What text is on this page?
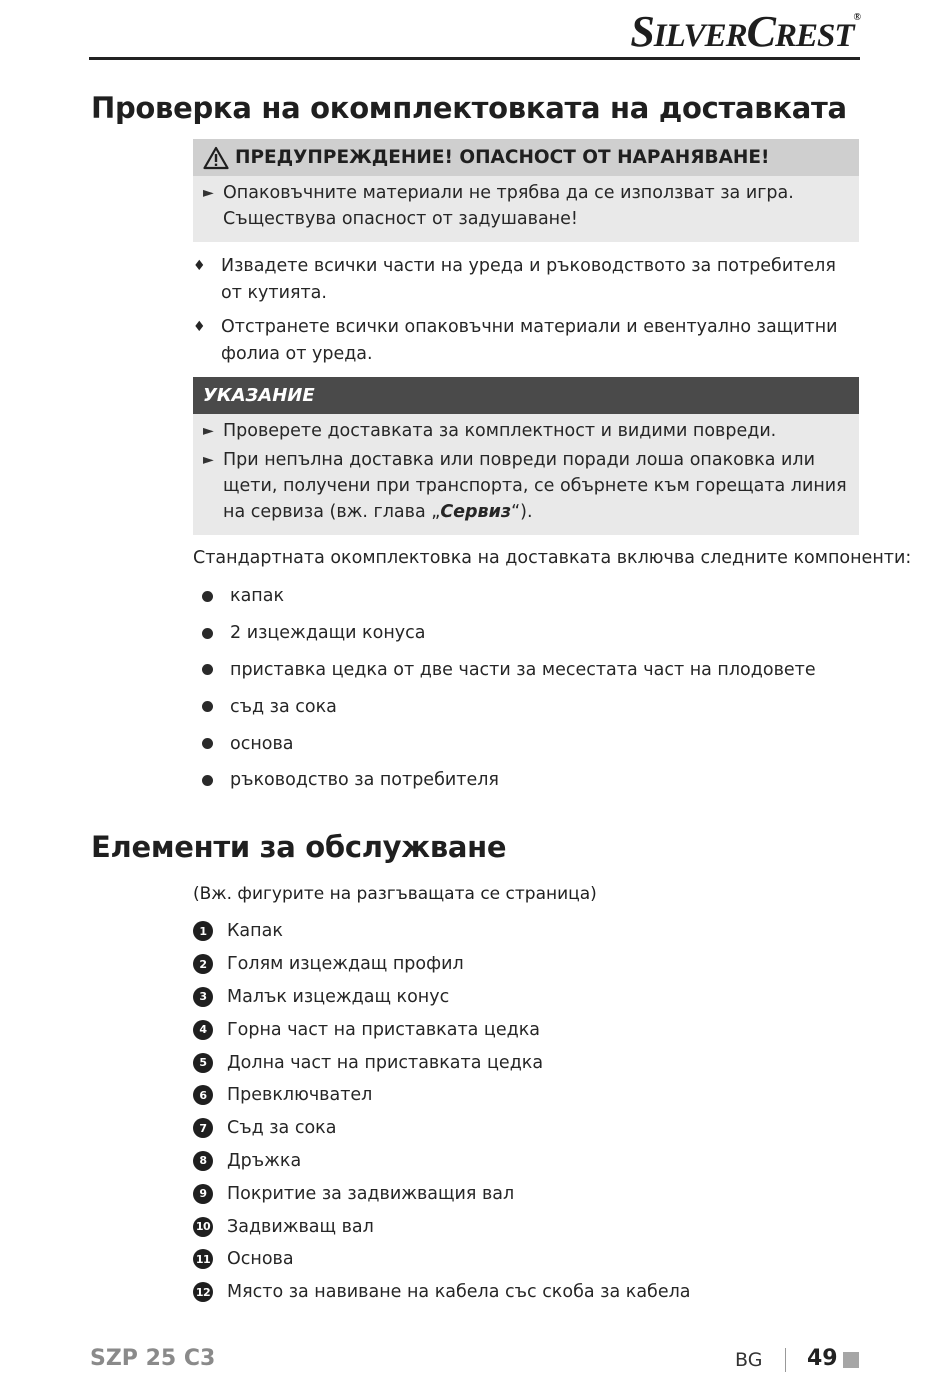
SILVERCREST®
Проверка на окомплектовката на доставката
ПРЕДУПРЕЖДЕНИЕ! ОПАСНОСТ ОТ НАРАНЯВАНЕ!
► Опаковъчните материали не трябва да се използват за игра. Съществува опасност от задушаване!
♦ Извадете всички части на уреда и ръководството за потребителя от кутията.
♦ Отстранете всички опаковъчни материали и евентуално защитни фолиа от уреда.
УКАЗАНИЕ
► Проверете доставката за комплектност и видими повреди.
► При непълна доставка или повреди поради лоша опаковка или щети, получени при транспорта, се обърнете към горещата линия на сервиза (вж. глава „Сервиз“).
Стандартната окомплектовка на доставката включва следните компоненти:
капак
2 изцеждащи конуса
приставка цедка от две части за месестата част на плодовете
съд за сока
основа
ръководство за потребителя
Елементи за обслужване
(Вж. фигурите на разгъващата се страница)
1	Капак
2	Голям изцеждащ профил
3	Малък изцеждащ конус
4	Горна част на приставката цедка
5	Долна част на приставката цедка
6	Превключвател
7	Съд за сока
8	Дръжка
9	Покритие за задвижващия вал
10 Задвижващ вал
11 Основа
12 Място за навиване на кабела със скоба за кабела
SZP 25 C3	BG 49
